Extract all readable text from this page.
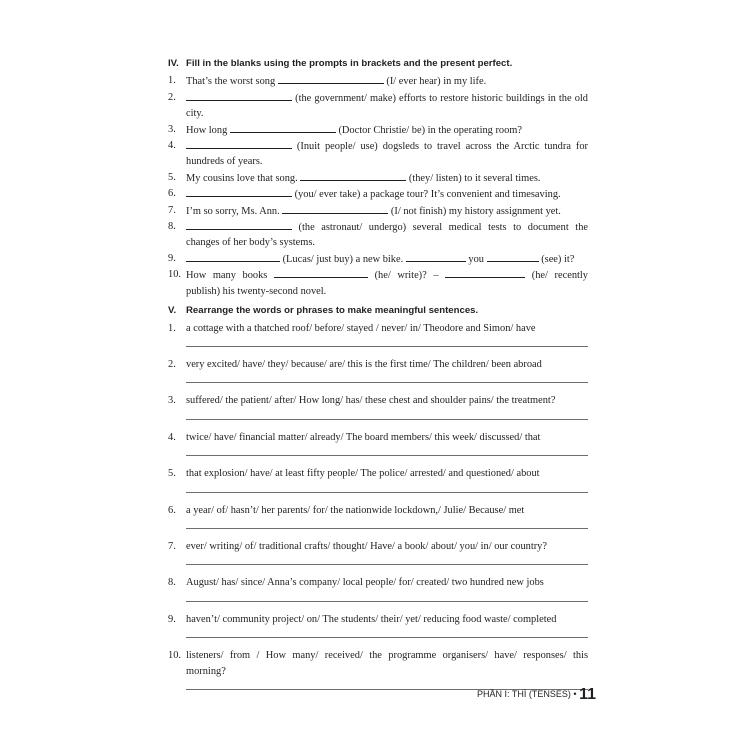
IV. Fill in the blanks using the prompts in brackets and the present perfect.
1. That’s the worst song	(I/ ever hear) in my life.
2.	(the government/ make) efforts to restore historic buildings in the old city.
3. How long	(Doctor Christie/ be) in the operating room?
4.	(Inuit people/ use) dogsleds to travel across the Arctic tundra for hundreds of years.
5. My cousins love that song.	(they/ listen) to it several times.
6.	(you/ ever take) a package tour? It’s convenient and timesaving.
7. I’m so sorry, Ms. Ann.	(I/ not finish) my history assignment yet.
8.	(the astronaut/ undergo) several medical tests to document the changes of her body’s systems.
9.	(Lucas/ just buy) a new bike.	you	(see) it?
10. How many books	(he/ write)? –	(he/ recently publish) his twenty-second novel.
V.	Rearrange the words or phrases to make meaningful sentences.
1. a cottage with a thatched roof/ before/ stayed / never/ in/ Theodore and Simon/ have
2. very excited/ have/ they/ because/ are/ this is the first time/ The children/ been abroad
3. suffered/ the patient/ after/ How long/ has/ these chest and shoulder pains/ the treatment?
4. twice/ have/ financial matter/ already/ The board members/ this week/ discussed/ that
5. that explosion/ have/ at least fifty people/ The police/ arrested/ and questioned/ about
6. a year/ of/ hasn’t/ her parents/ for/ the nationwide lockdown,/ Julie/ Because/ met
7. ever/ writing/ of/ traditional crafts/ thought/ Have/ a book/ about/ you/ in/ our country?
8. August/ has/ since/ Anna’s company/ local people/ for/ created/ two hundred new jobs
9. haven’t/ community project/ on/ The students/ their/ yet/ reducing food waste/ completed
10. listeners/ from / How many/ received/ the programme organisers/ have/ responses/ this morning?
PHẦN I: THÌ (TENSES) • 11
